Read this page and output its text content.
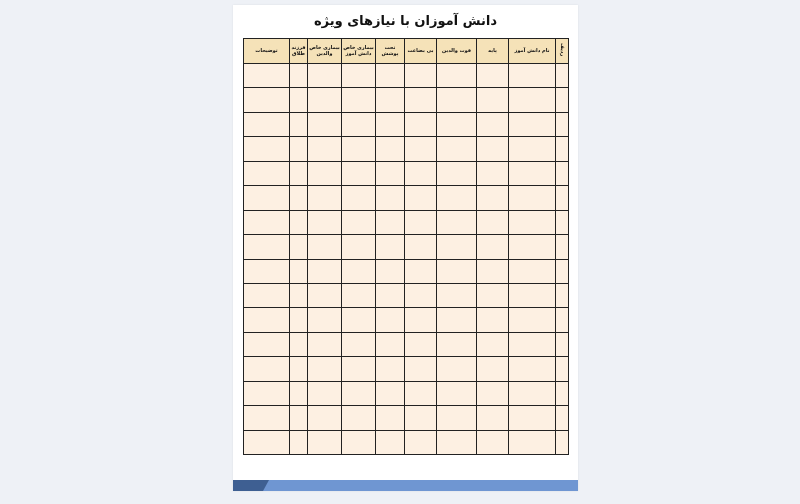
دانش آموزان با نیازهای ویژه
ردیف	نام دانش آموز	پایه	فوت والدین	بی بضاعت	تحت پوشش	بیماری خاص دانش آموز	بیماری خاص والدین	فرزند طلاق	توضیحات
